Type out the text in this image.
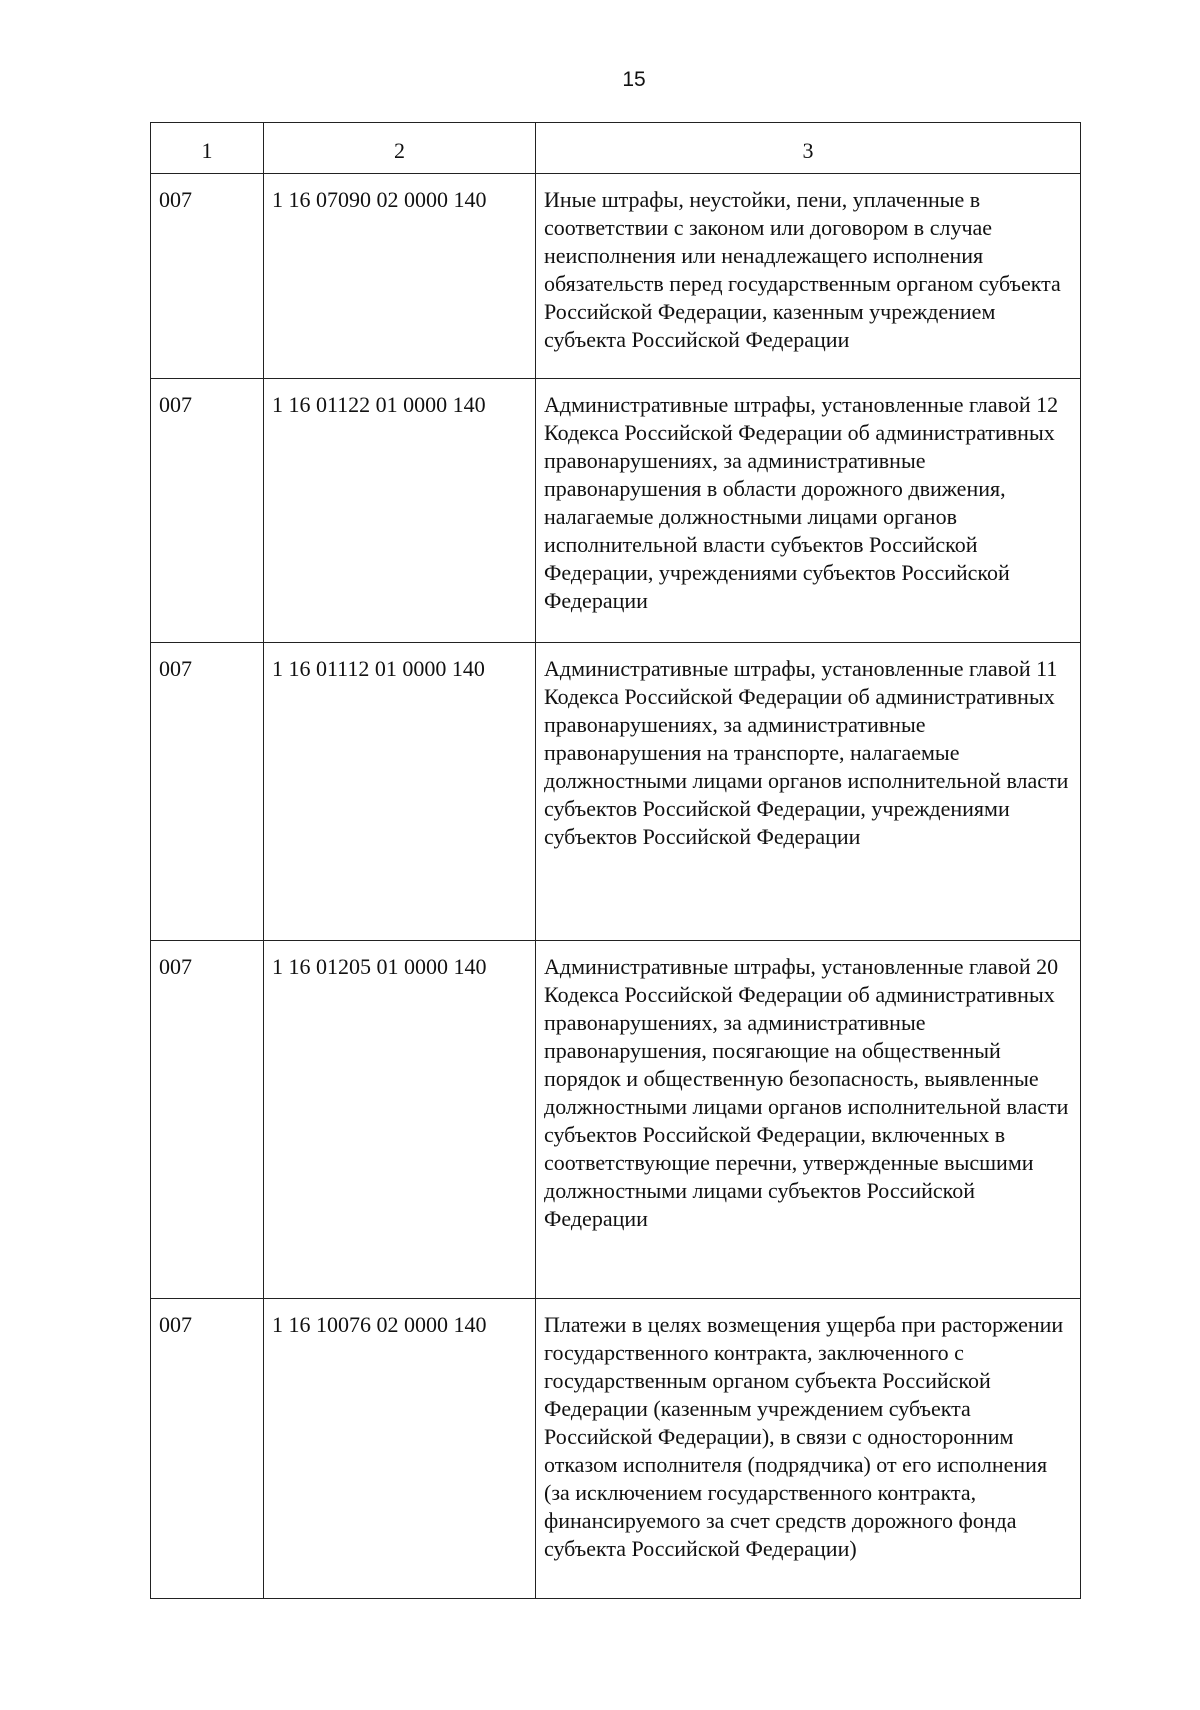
15
1	2	3
007	1 16 07090 02 0000 140	Иные штрафы, неустойки, пени, уплаченные в соответствии с законом или договором в случае неисполнения или ненадлежащего исполнения обязательств перед государственным органом субъекта Российской Федерации, казенным учреждением субъекта Российской Федерации
007	1 16 01122 01 0000 140	Административные штрафы, установленные главой 12 Кодекса Российской Федерации об административных правонарушениях, за административные правонарушения в области дорожного движения, налагаемые должностными лицами органов исполнительной власти субъектов Российской Федерации, учреждениями субъектов Российской Федерации
007	1 16 01112 01 0000 140	Административные штрафы, установленные главой 11 Кодекса Российской Федерации об административных правонарушениях, за административные правонарушения на транспорте, налагаемые должностными лицами органов исполнительной власти субъектов Российской Федерации, учреждениями субъектов Российской Федерации
007	1 16 01205 01 0000 140	Административные штрафы, установленные главой 20 Кодекса Российской Федерации об административных правонарушениях, за административные правонарушения, посягающие на общественный порядок и общественную безопасность, выявленные должностными лицами органов исполнительной власти субъектов Российской Федерации, включенных в соответствующие перечни, утвержденные высшими должностными лицами субъектов Российской Федерации
007	1 16 10076 02 0000 140	Платежи в целях возмещения ущерба при расторжении государственного контракта, заключенного с государственным органом субъекта Российской Федерации (казенным учреждением субъекта Российской Федерации), в связи с односторонним отказом исполнителя (подрядчика) от его исполнения (за исключением государственного контракта, финансируемого за счет средств дорожного фонда субъекта Российской Федерации)
